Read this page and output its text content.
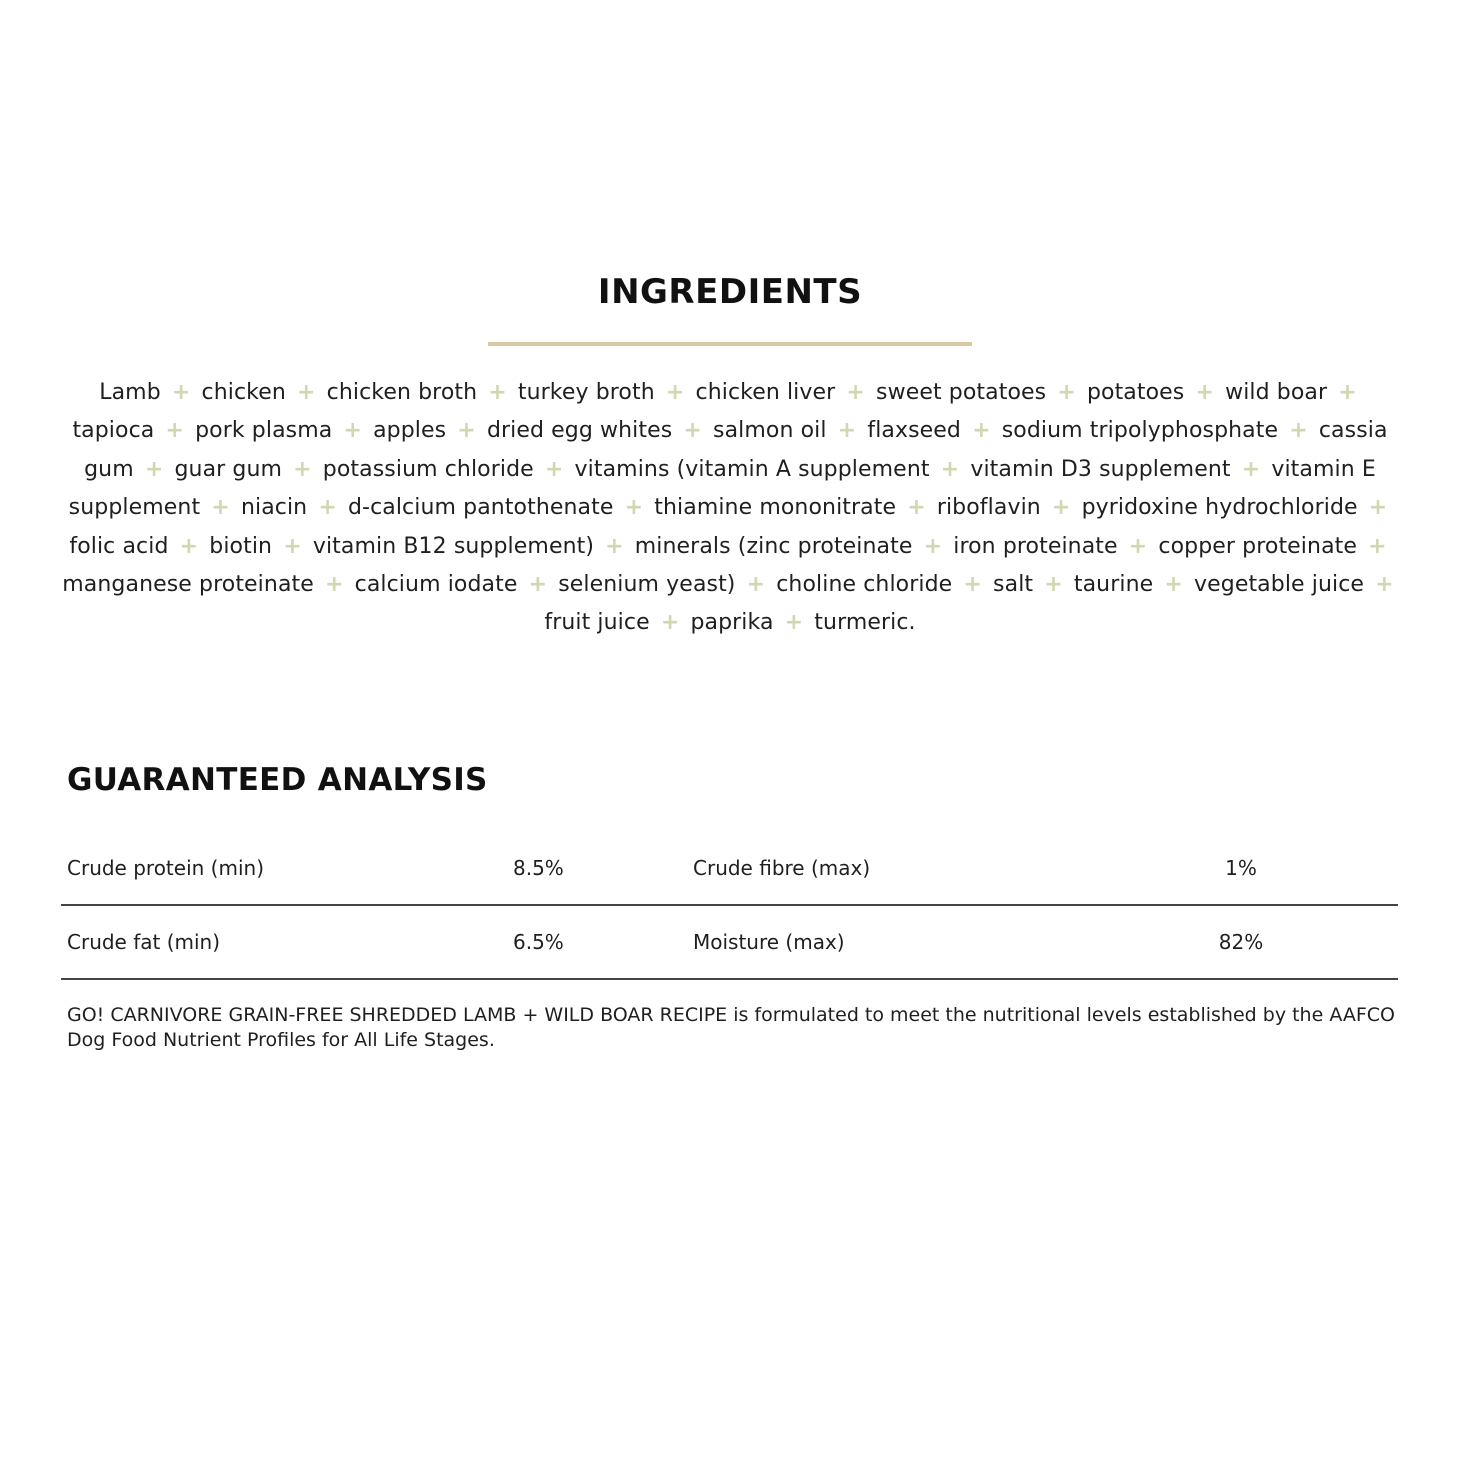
INGREDIENTS

Lamb + chicken + chicken broth + turkey broth + chicken liver + sweet potatoes + potatoes + wild boar + tapioca + pork plasma + apples + dried egg whites + salmon oil + flaxseed + sodium tripolyphosphate + cassia gum + guar gum + potassium chloride + vitamins (vitamin A supplement + vitamin D3 supplement + vitamin E supplement + niacin + d-calcium pantothenate + thiamine mononitrate + riboflavin + pyridoxine hydrochloride + folic acid + biotin + vitamin B12 supplement) + minerals (zinc proteinate + iron proteinate + copper proteinate + manganese proteinate + calcium iodate + selenium yeast) + choline chloride + salt + taurine + vegetable juice + fruit juice + paprika + turmeric.

GUARANTEED ANALYSIS
Crude protein (min)	8.5%	Crude fibre (max)	1%
Crude fat (min)	6.5%	Moisture (max)	82%

GO! CARNIVORE GRAIN-FREE SHREDDED LAMB + WILD BOAR RECIPE is formulated to meet the nutritional levels established by the AAFCO Dog Food Nutrient Profiles for All Life Stages.
